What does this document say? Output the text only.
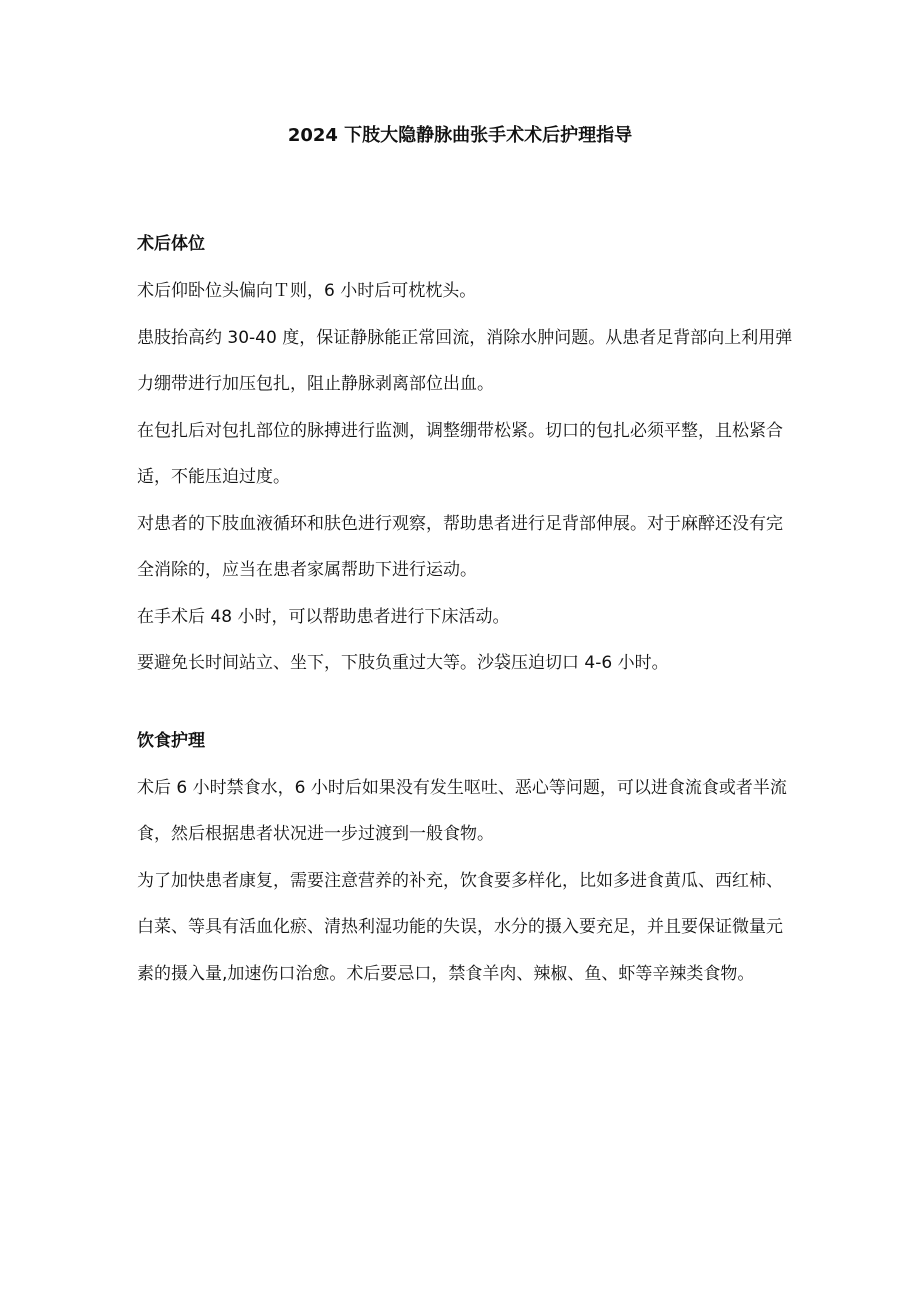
2024 下肢大隐静脉曲张手术术后护理指导
术后体位

术后仰卧位头偏向Ｔ则，6 小时后可枕枕头。

患肢抬高约 30-40 度，保证静脉能正常回流，消除水肿问题。从患者足背部向上利用弹力绷带进行加压包扎，阻止静脉剥离部位出血。

在包扎后对包扎部位的脉搏进行监测，调整绷带松紧。切口的包扎必须平整，且松紧合适，不能压迫过度。

对患者的下肢血液循环和肤色进行观察，帮助患者进行足背部伸展。对于麻醉还没有完全消除的，应当在患者家属帮助下进行运动。

在手术后 48 小时，可以帮助患者进行下床活动。

要避免长时间站立、坐下，下肢负重过大等。沙袋压迫切口 4-6 小时。

饮食护理

术后 6 小时禁食水，6 小时后如果没有发生呕吐、恶心等问题，可以进食流食或者半流食，然后根据患者状况进一步过渡到一般食物。

为了加快患者康复，需要注意营养的补充，饮食要多样化，比如多进食黄瓜、西红柿、白菜、等具有活血化瘀、清热利湿功能的失误，水分的摄入要充足，并且要保证微量元素的摄入量,加速伤口治愈。术后要忌口，禁食羊肉、辣椒、鱼、虾等辛辣类食物。
